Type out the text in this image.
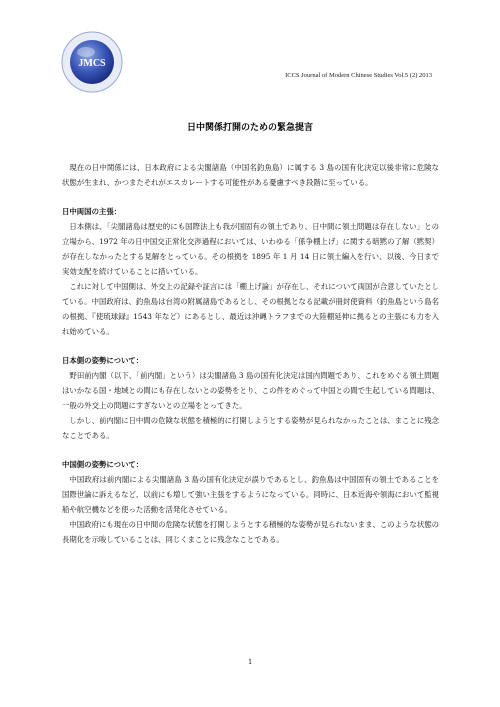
JMCS
ICCS Journal of Modern Chinese Studies Vol.5 (2) 2013
日中関係打開のための緊急提言

現在の日中関係には、日本政府による尖閣諸島（中国名釣魚島）に属する 3 島の国有化決定以後非常に危険な状態が生まれ、かつまたそれがエスカレートする可能性がある憂慮すべき段階に至っている。

日中両国の主張：

日本側は、「尖閣諸島は歴史的にも国際法上も我が国固有の領土であり、日中間に領土問題は存在しない」との立場から、1972 年の日中国交正常化交渉過程においては、いわゆる「係争棚上げ」に関する暗黙の了解（黙契）が存在しなかったとする見解をとっている。その根拠を 1895 年 1 月 14 日に領土編入を行い、以後、今日まで実効支配を続けていることに措いている。

これに対して中国側は、外交上の記録や証言には「棚上げ論」が存在し、それについて両国が合意していたとしている。中国政府は、釣魚島は台湾の附属諸島であるとし、その根拠となる記載が冊封使資料（釣魚島という島名の根拠、『使琉球録』1543 年など）にあるとし、最近は沖縄トラフまでの大陸棚延伸に拠るとの主張にも力を入れ始めている。

日本側の姿勢について：

野田前内閣（以下、「前内閣」という）は尖閣諸島 3 島の国有化決定は国内問題であり、これをめぐる領土問題はいかなる国・地域との間にも存在しないとの姿勢をとり、この件をめぐって中国との間で生起している問題は、一般の外交上の問題にすぎないとの立場をとってきた。

しかし、前内閣に日中間の危険な状態を積極的に打開しようとする姿勢が見られなかったことは、まことに残念なことである。

中国側の姿勢について：

中国政府は前内閣による尖閣諸島 3 島の国有化決定が誤りであるとし、釣魚島は中国固有の領土であることを国際世論に訴えるなど、以前にも増して強い主張をするようになっている。同時に、日本近海や領海において監視船や航空機などを使った活動を活発化させている。

中国政府にも現在の日中間の危険な状態を打開しようとする積極的な姿勢が見られないまま、このような状態の長期化を示唆していることは、同じくまことに残念なことである。

1
